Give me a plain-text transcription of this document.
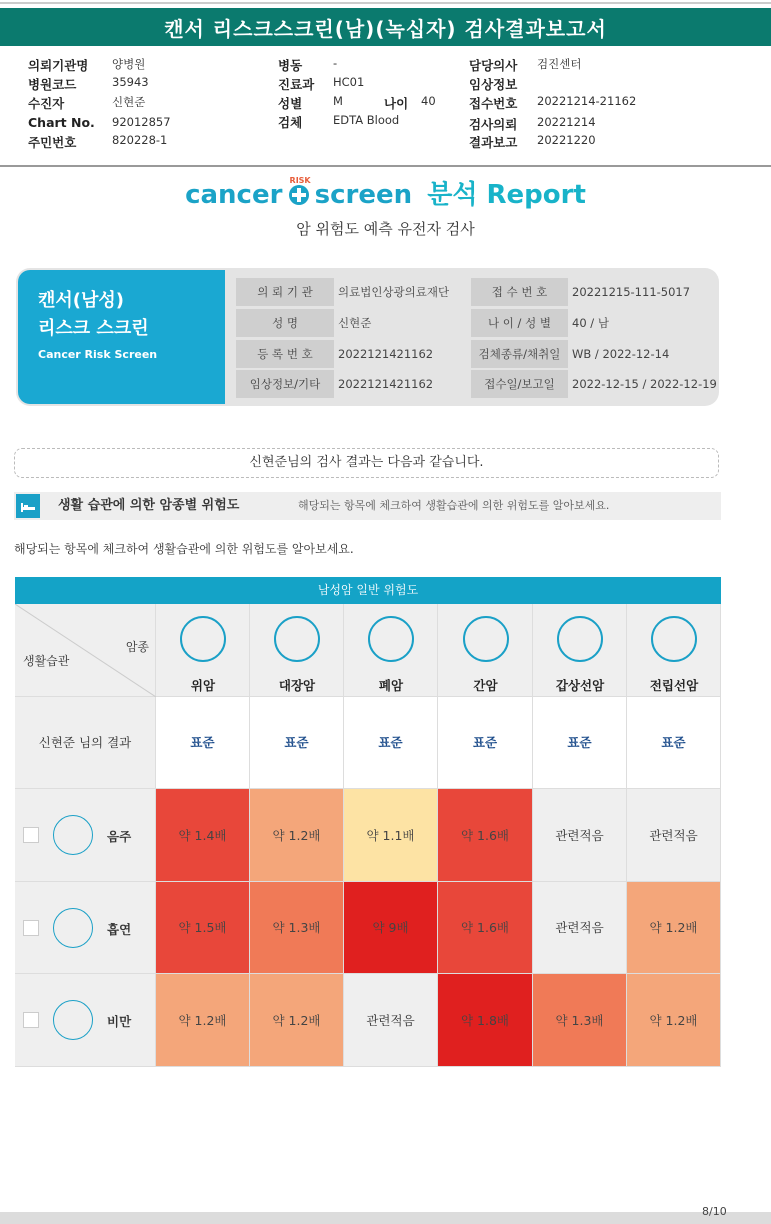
캔서 리스크스크린(남)(녹십자) 검사결과보고서
의뢰기관명 양병원
병원코드	35943
수진자	신현준
Chart No. 92012857
주민번호	820228-1
병동	-
진료과 HC01
성별	M	나이 40
검체	EDTA Blood
담당의사 검진센터
임상정보
접수번호 20221214-21162
검사의뢰 20221214
결과보고 20221220
cancer RISK screen 분석 Report
암 위험도 예측 유전자 검사
캔서(남성)
리스크 스크린
Cancer Risk Screen
의 뢰 기 관	의료법인상광의료재단
성 명	신현준
등 록 번 호	2022121421162
임상정보/기타	2022121421162
접 수 번 호	20221215-111-5017
나 이 / 성 별	40 / 남
검체종류/채취일	WB / 2022-12-14
접수일/보고일	2022-12-15 / 2022-12-19
신현준님의 검사 결과는 다음과 같습니다.
생활 습관에 의한 암종별 위험도	해당되는 항목에 체크하여 생활습관에 의한 위험도를 알아보세요.
해당되는 항목에 체크하여 생활습관에 의한 위험도를 알아보세요.
남성암 일반 위험도
암종
생활습관
위암	대장암	폐암	간암	갑상선암	전립선암
신현준 님의 결과	표준	표준	표준	표준	표준	표준
음주	약 1.4배	약 1.2배	약 1.1배	약 1.6배	관련적음	관련적음
흡연	약 1.5배	약 1.3배	약 9배	약 1.6배	관련적음	약 1.2배
비만	약 1.2배	약 1.2배	관련적음	약 1.8배	약 1.3배	약 1.2배
8/10
